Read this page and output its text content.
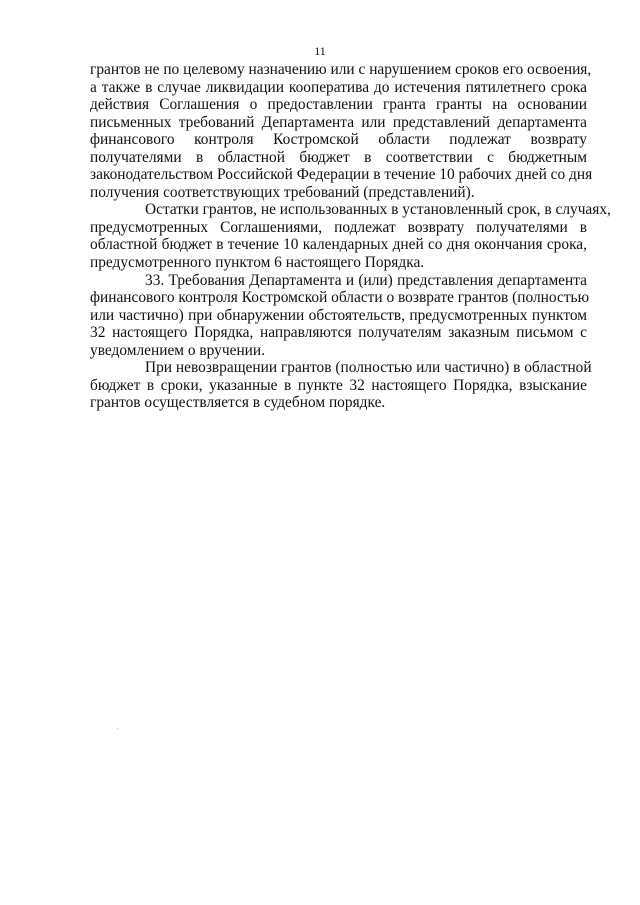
11
грантов не по целевому назначению или с нарушением сроков его освоения,
а также в случае ликвидации кооператива до истечения пятилетнего срока
действия Соглашения о предоставлении гранта гранты на основании
письменных требований Департамента или представлений департамента
финансового контроля Костромской области подлежат возврату
получателями в областной бюджет в соответствии с бюджетным
законодательством Российской Федерации в течение 10 рабочих дней со дня
получения соответствующих требований (представлений).
Остатки грантов, не использованных в установленный срок, в случаях,
предусмотренных Соглашениями, подлежат возврату получателями в
областной бюджет в течение 10 календарных дней со дня окончания срока,
предусмотренного пунктом 6 настоящего Порядка.
33. Требования Департамента и (или) представления департамента
финансового контроля Костромской области о возврате грантов (полностью
или частично) при обнаружении обстоятельств, предусмотренных пунктом
32 настоящего Порядка, направляются получателям заказным письмом с
уведомлением о вручении.
При невозвращении грантов (полностью или частично) в областной
бюджет в сроки, указанные в пункте 32 настоящего Порядка, взыскание
грантов осуществляется в судебном порядке.
